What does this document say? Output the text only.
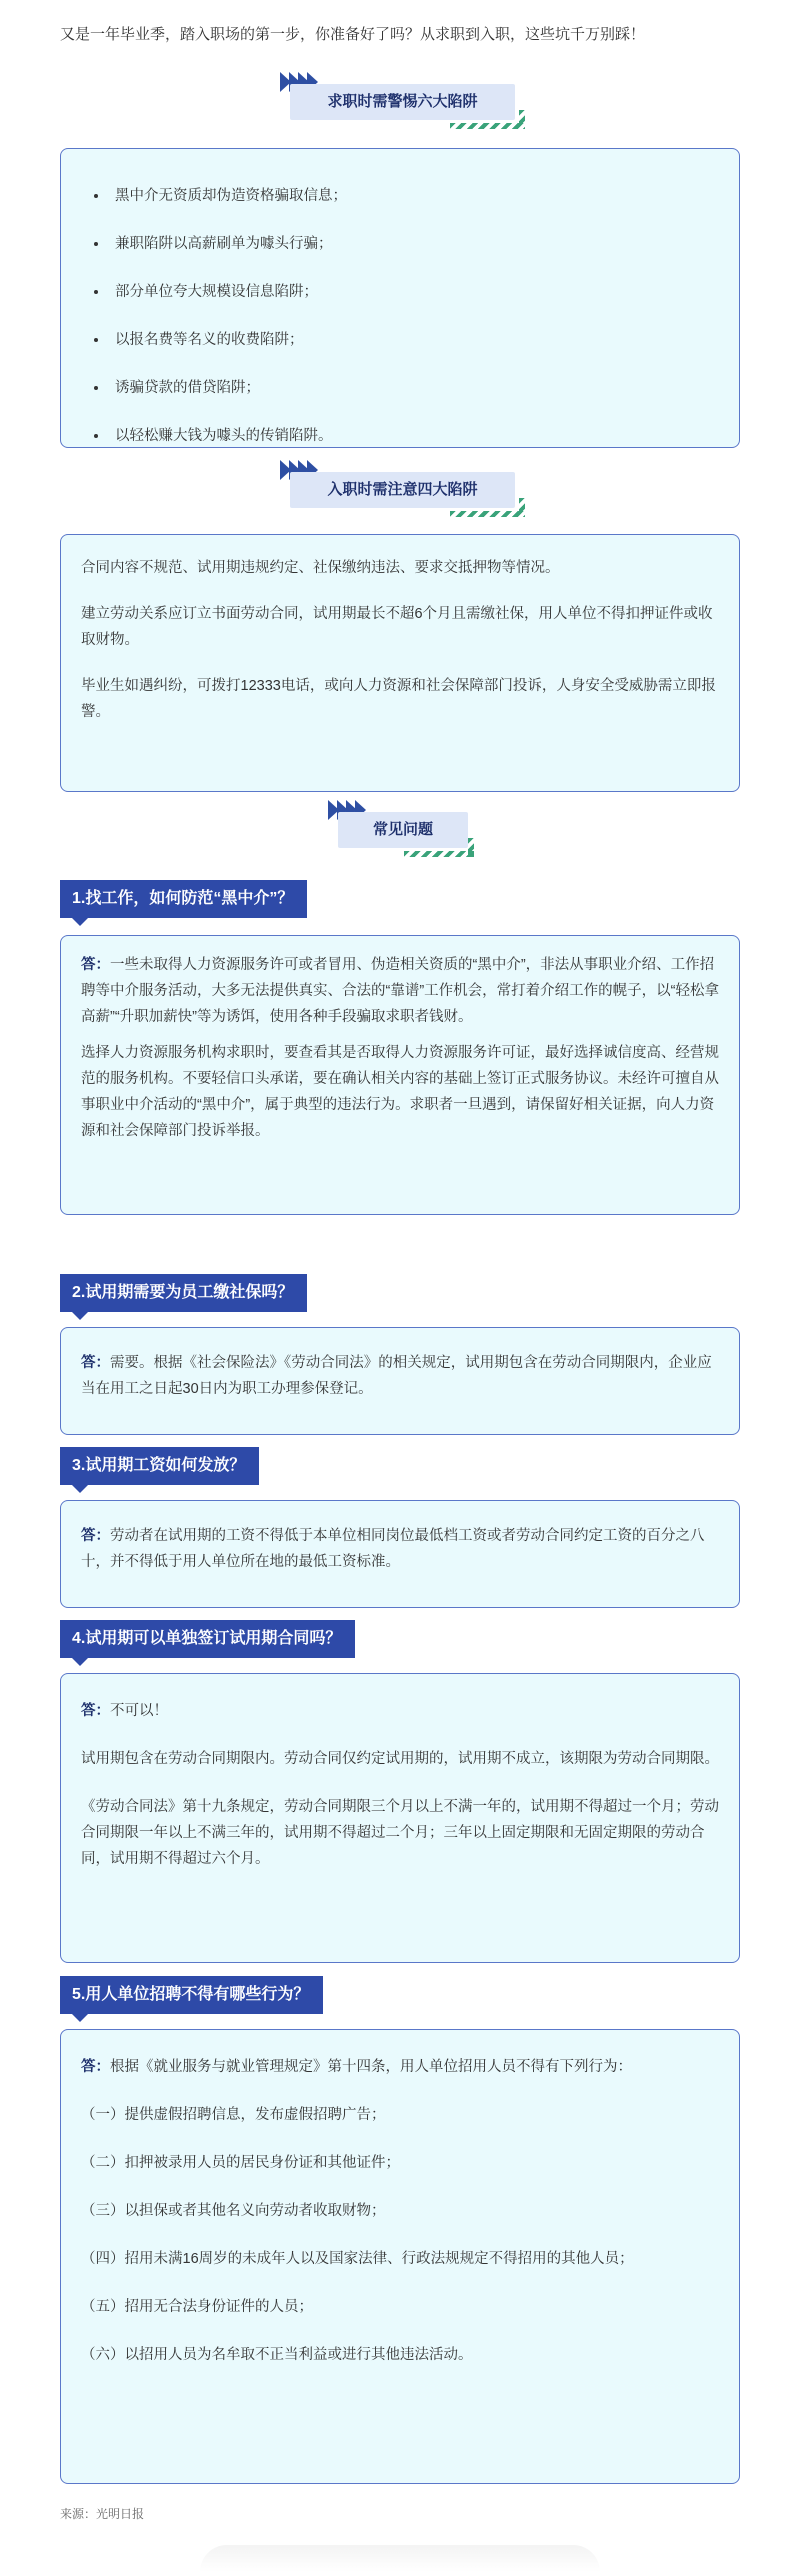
又是一年毕业季，踏入职场的第一步，你准备好了吗？从求职到入职，这些坑千万别踩！
求职时需警惕六大陷阱
• 黑中介无资质却伪造资格骗取信息；
• 兼职陷阱以高薪刷单为噱头行骗；
• 部分单位夸大规模设信息陷阱；
• 以报名费等名义的收费陷阱；
• 诱骗贷款的借贷陷阱；
• 以轻松赚大钱为噱头的传销陷阱。
入职时需注意四大陷阱

合同内容不规范、试用期违规约定、社保缴纳违法、要求交抵押物等情况。

建立劳动关系应订立书面劳动合同，试用期最长不超6个月且需缴社保，用人单位不得扣押证件或收取财物。

毕业生如遇纠纷，可拨打12333电话，或向人力资源和社会保障部门投诉，人身安全受威胁需立即报警。

常见问题
1.找工作，如何防范“黑中介”？

答：一些未取得人力资源服务许可或者冒用、伪造相关资质的“黑中介”，非法从事职业介绍、工作招聘等中介服务活动，大多无法提供真实、合法的“靠谱”工作机会，常打着介绍工作的幌子，以“轻松拿高薪”“升职加薪快”等为诱饵，使用各种手段骗取求职者钱财。

选择人力资源服务机构求职时，要查看其是否取得人力资源服务许可证，最好选择诚信度高、经营规范的服务机构。不要轻信口头承诺，要在确认相关内容的基础上签订正式服务协议。未经许可擅自从事职业中介活动的“黑中介”，属于典型的违法行为。求职者一旦遇到，请保留好相关证据，向人力资源和社会保障部门投诉举报。

2.试用期需要为员工缴社保吗？

答：需要。根据《社会保险法》《劳动合同法》的相关规定，试用期包含在劳动合同期限内，企业应当在用工之日起30日内为职工办理参保登记。

3.试用期工资如何发放？

答：劳动者在试用期的工资不得低于本单位相同岗位最低档工资或者劳动合同约定工资的百分之八十，并不得低于用人单位所在地的最低工资标准。

4.试用期可以单独签订试用期合同吗？

答：不可以！

试用期包含在劳动合同期限内。劳动合同仅约定试用期的，试用期不成立，该期限为劳动合同期限。

《劳动合同法》第十九条规定，劳动合同期限三个月以上不满一年的，试用期不得超过一个月；劳动合同期限一年以上不满三年的，试用期不得超过二个月；三年以上固定期限和无固定期限的劳动合同，试用期不得超过六个月。

5.用人单位招聘不得有哪些行为？

答：根据《就业服务与就业管理规定》第十四条，用人单位招用人员不得有下列行为：

（一）提供虚假招聘信息，发布虚假招聘广告；

（二）扣押被录用人员的居民身份证和其他证件；

（三）以担保或者其他名义向劳动者收取财物；

（四）招用未满16周岁的未成年人以及国家法律、行政法规规定不得招用的其他人员；

（五）招用无合法身份证件的人员；

（六）以招用人员为名牟取不正当利益或进行其他违法活动。

来源：光明日报
